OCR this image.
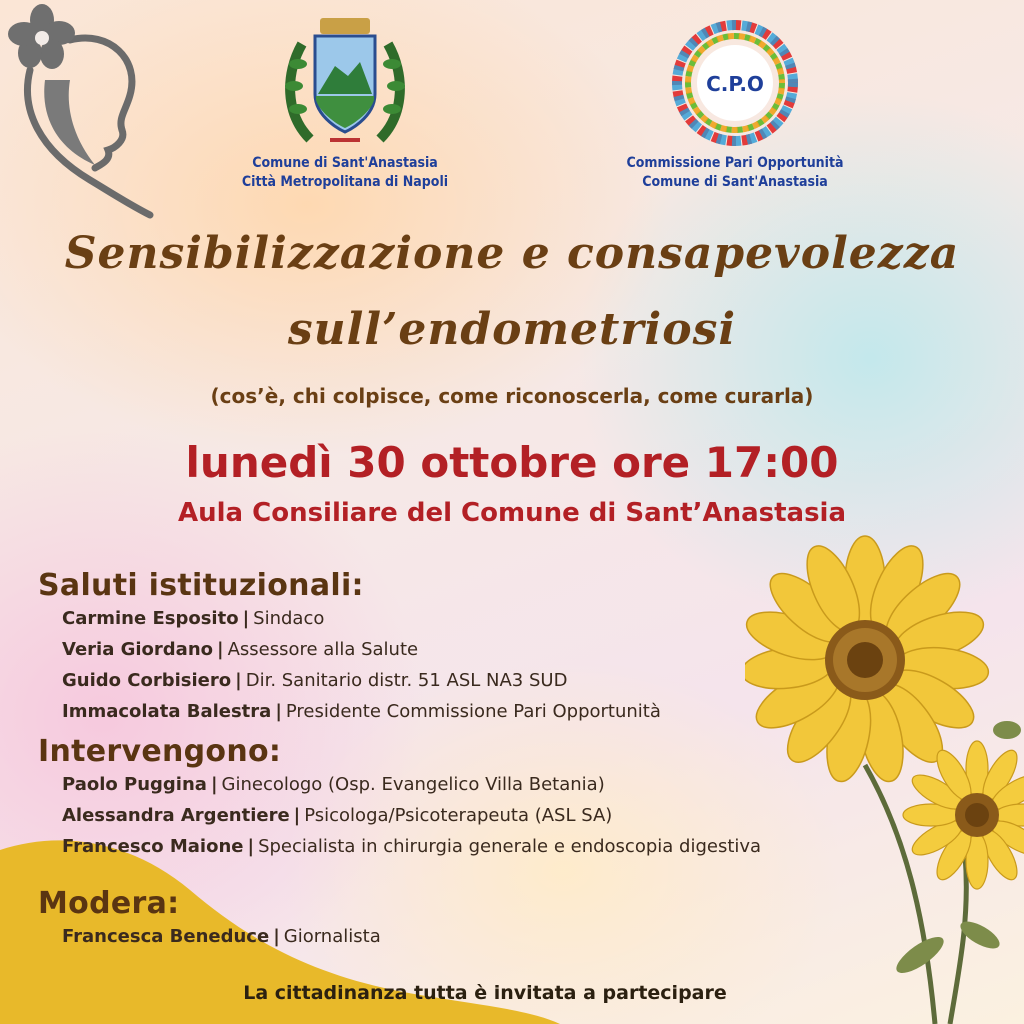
Comune di Sant'Anastasia

Città Metropolitana di Napoli

C.P.O

Commissione Pari Opportunità

Comune di Sant'Anastasia

Sensibilizzazione e consapevolezza
sull’endometriosi

(cos’è, chi colpisce, come riconoscerla, come curarla)

lunedì 30 ottobre ore 17:00

Aula Consiliare del Comune di Sant’Anastasia

Saluti istituzionali:

Carmine Esposito | Sindaco

Veria Giordano | Assessore alla Salute

Guido Corbisiero | Dir. Sanitario distr. 51 ASL NA3 SUD

Immacolata Balestra | Presidente Commissione Pari Opportunità

Intervengono:

Paolo Puggina | Ginecologo (Osp. Evangelico Villa Betania)

Alessandra Argentiere | Psicologa/Psicoterapeuta (ASL SA)

Francesco Maione | Specialista in chirurgia generale e endoscopia digestiva

Modera:

Francesca Beneduce | Giornalista

La cittadinanza tutta è invitata a partecipare
